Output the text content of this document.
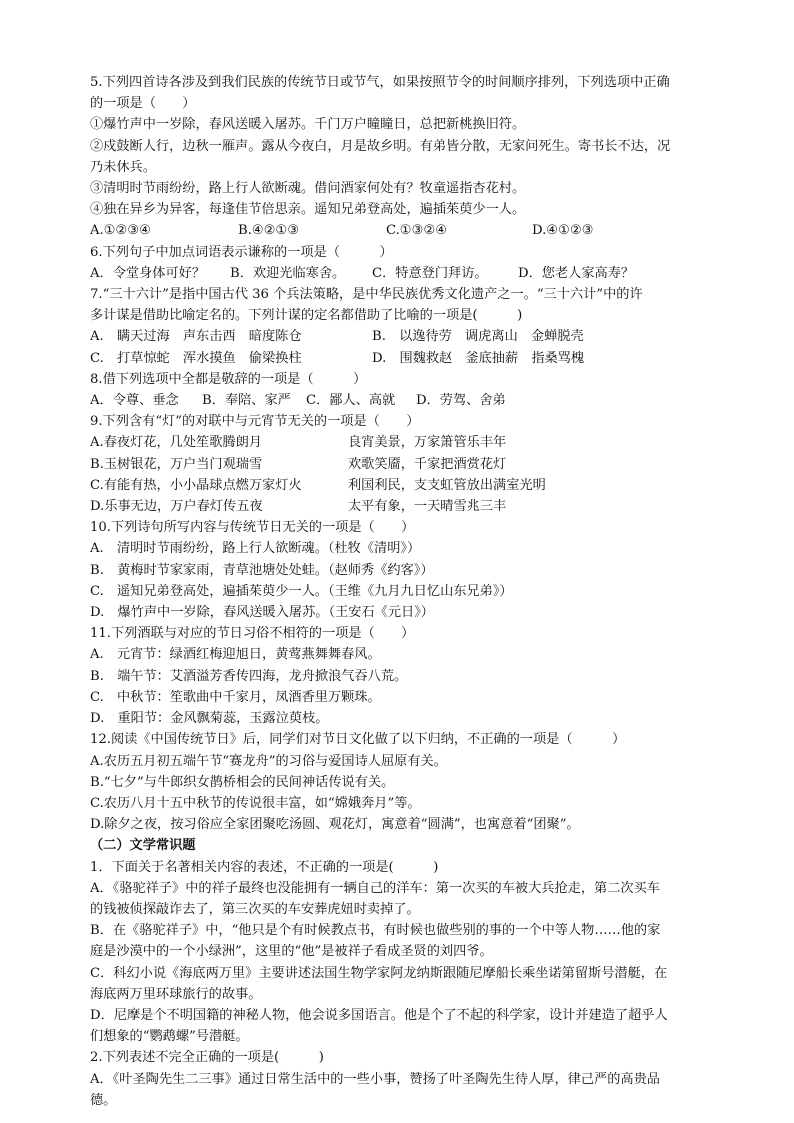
5.下列四首诗各涉及到我们民族的传统节日或节气，如果按照节令的时间顺序排列，下列选项中正确
的一项是（　　）
①爆竹声中一岁除，春风送暖入屠苏。千门万户瞳瞳日，总把新桃换旧符。
②戍鼓断人行，边秋一雁声。露从今夜白，月是故乡明。有弟皆分散，无家问死生。寄书长不达，况
乃未休兵。
③清明时节雨纷纷，路上行人欲断魂。借问酒家何处有？牧童遥指杏花村。
④独在异乡为异客，每逢佳节倍思亲。遥知兄弟登高处，遍插茱萸少一人。
A.①②③④	B.④②①③	C.①③②④	D.④①②③
6.下列句子中加点词语表示谦称的一项是（　　　）
A．令堂身体可好？	B．欢迎光临寒舍。	C．特意登门拜访。	D．您老人家高寿？
7.“三十六计”是指中国古代 36 个兵法策略，是中华民族优秀文化遗产之一。“三十六计”中的许
多计谋是借助比喻定名的。下列计谋的定名都借助了比喻的一项是(　　　)
A.　瞒天过海　声东击西　暗度陈仓	B.　以逸待劳　调虎离山　金蝉脱壳
C.　打草惊蛇　浑水摸鱼　偷梁换柱	D.　围魏救赵　釜底抽薪　指桑骂槐
8.借下列选项中全都是敬辞的一项是（　　　）
A．令尊、垂念	B．奉陪、家严	C．鄙人、高就	D．劳驾、舍弟
9.下列含有“灯”的对联中与元宵节无关的一项是（　　）
A.春夜灯花，几处笙歌腾朗月	良宵美景，万家箫管乐丰年
B.玉树银花，万户当门观瑞雪	欢歌笑靥，千家把酒赏花灯
C.有能有热，小小晶球点燃万家灯火	利国利民，支支虹管放出满室光明
D.乐事无边，万户春灯传五夜	太平有象，一天晴雪兆三丰
10.下列诗句所写内容与传统节日无关的一项是（　　）
A.　清明时节雨纷纷，路上行人欲断魂。（杜牧《清明》）
B.　黄梅时节家家雨，青草池塘处处蛙。（赵师秀《约客》）
C.　遥知兄弟登高处，遍插茱萸少一人。（王维《九月九日忆山东兄弟》）
D.　爆竹声中一岁除，春风送暖入屠苏。（王安石《元日》）
11.下列酒联与对应的节日习俗不相符的一项是（　　）
A.　元宵节：绿酒红梅迎旭日，黄莺燕舞舞春风。
B.　端午节：艾酒溢芳香传四海，龙舟掀浪气吞八荒。
C.　中秋节：笙歌曲中千家月，凤酒香里万颗珠。
D.　重阳节：金风飘菊蕊，玉露泣萸枝。
12.阅读《中国传统节日》后，同学们对节日文化做了以下归纳，不正确的一项是（　　　）
A.农历五月初五端午节“赛龙舟”的习俗与爱国诗人屈原有关。
B.“七夕”与牛郎织女鹊桥相会的民间神话传说有关。
C.农历八月十五中秋节的传说很丰富，如“嫦娥奔月”等。
D.除夕之夜，按习俗应全家团聚吃汤圆、观花灯，寓意着“圆满”，也寓意着“团聚”。
（二）文学常识题
1．下面关于名著相关内容的表述，不正确的一项是(　　　)
A．《骆驼祥子》中的祥子最终也没能拥有一辆自己的洋车：第一次买的车被大兵抢走，第二次买车
的钱被侦探敲诈去了，第三次买的车安葬虎妞时卖掉了。
B．在《骆驼祥子》中，“他只是个有时候教点书，有时候也做些别的事的一个中等人物……他的家
庭是沙漠中的一个小绿洲”，这里的“他”是被祥子看成圣贤的刘四爷。
C．科幻小说《海底两万里》主要讲述法国生物学家阿龙纳斯跟随尼摩船长乘坐诺第留斯号潜艇，在
海底两万里环球旅行的故事。
D．尼摩是个不明国籍的神秘人物，他会说多国语言。他是个了不起的科学家，设计并建造了超乎人
们想象的“鹦鹉螺”号潜艇。
2.下列表述不完全正确的一项是(　　　)
A．《叶圣陶先生二三事》通过日常生活中的一些小事，赞扬了叶圣陶先生待人厚，律己严的高贵品
德。
